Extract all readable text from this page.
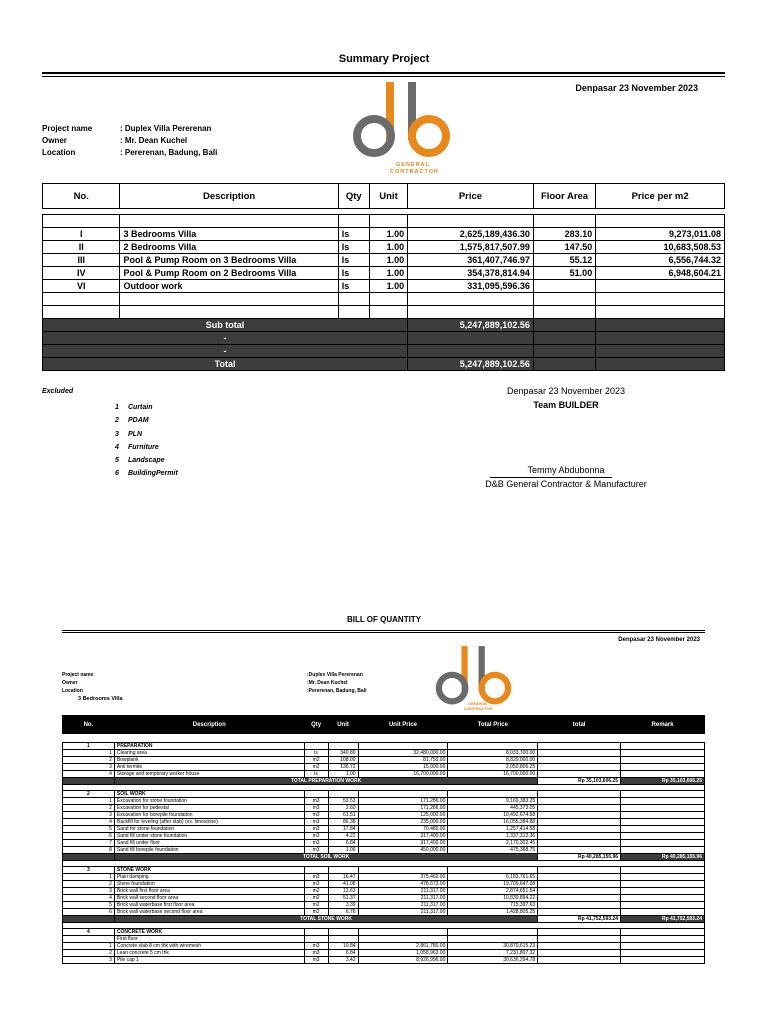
Summary Project
Denpasar 23 November 2023
Project name	: Duplex Villa Pererenan
Owner	: Mr. Dean Kuchel
Location	: Pererenan, Badung, Bali
GENERAL
CONTRACTOR
No.	Description	Qty	Unit	Price	Floor Area	Price per m2

I	3 Bedrooms Villa	ls	1.00	2,625,189,436.30	283.10	9,273,011.08
II	2 Bedrooms Villa	ls	1.00	1,575,817,507.99	147.50	10,683,508.53
III	Pool & Pump Room on 3 Bedrooms Villa	ls	1.00	361,407,746.97	55.12	6,556,744.32
IV	Pool & Pump Room on 2 Bedrooms Villa	ls	1.00	354,378,814.94	51.00	6,948,604.21
VI	Outdoor work	ls	1.00	331,095,596.36		

Sub total				5,247,889,102.56		
-						
-						
Total				5,247,889,102.56		
Excluded
1 Curtain
2 PDAM
3 PLN
4 Furniture
5 Landscape
6 BuildingPermit
Denpasar 23 November 2023
Team BUILDER
Temmy Abdubonna
D&B General Contractor & Manufacturer
BILL OF QUANTITY
Denpasar 23 November 2023
Project name
Owner
Location
3 Bedrooms Villa
:Duplex Villa Pererenan
:Mr. Dean Kuchel
:Pererenan, Badung, Bali
GENERAL
CONTRACTOR
No.	Description	Qty	Unit	Unit Price	Total Price	total	Remark

1	PREPARATION						
1	Clearing area	ls	340.80	32,480,000.00	8,033,700.00		
2	Bowplank	m2	108.00	81,750.00	8,829,000.00		
3	Anti termite	m2	136.72	15,000.00	2,050,806.25		
4	Storage and temporary worker house	ls	1.00	16,700,000.00	16,700,000.00		
	TOTAL PREPARATION WORK					Rp 35,103,606.25	Rp 35,103,606.25

2	SOIL WORK						
1	Excavation for stone foundation	m3	53.53	171,286.00	9,169,383.25		
2	Excavation for pedestal	m3	2.60	171,286.00	445,373.05		
3	Excavation for borepile foundation	m3	61.51	125,000.00	10,492,674.68		
4	Backfill for leveling (after slab) (ex. limestone)	m3	86.38	235,000.00	16,055,384.88		
5	Sand for stone foundation	m3	17.84	70,480.00	1,257,414.58		
6	Sand fill under stone foundation	m3	4.22	317,400.00	1,337,312.36		
7	Sand fill under floor	m3	6.84	317,400.00	2,170,302.45		
8	Sand fill borepile foundation	m3	1.06	450,000.00	475,368.75		
	TOTAL SOIL WORK					Rp 40,285,155.96	Rp 40,285,155.96

3	STONE WORK						
1	Plain damping	m3	16.47	375,460.00	6,183,761.65		
2	Stone foundation	m3	41.08	478,673.00	19,709,647.08		
3	Brick wall first floor area	m2	13.63	211,317.00	2,874,651.54		
4	Brick wall second floor area	m2	51.37	211,317.00	10,839,894.22		
5	Brick wall waterbase first floor area	m2	3.39	211,317.00	715,397.63		
6	Brick wall waterbase second floor area	m2	6.76	211,317.00	1,428,805.25		
	TOTAL STONE WORK					Rp 41,752,593.24	Rp 41,752,593.24

4	CONCRETE WORK						
	First floor						
1	Concrete slab 8 cm thk with wiremesh	m3	10.84	2,861,780.00	30,870,615.23		
2	Lean concrete 5 cm thk	m3	6.84	1,058,963.00	7,231,807.32		
3	Pile cap 1	m3	3.42	8,926,996.00	30,636,294.78		
